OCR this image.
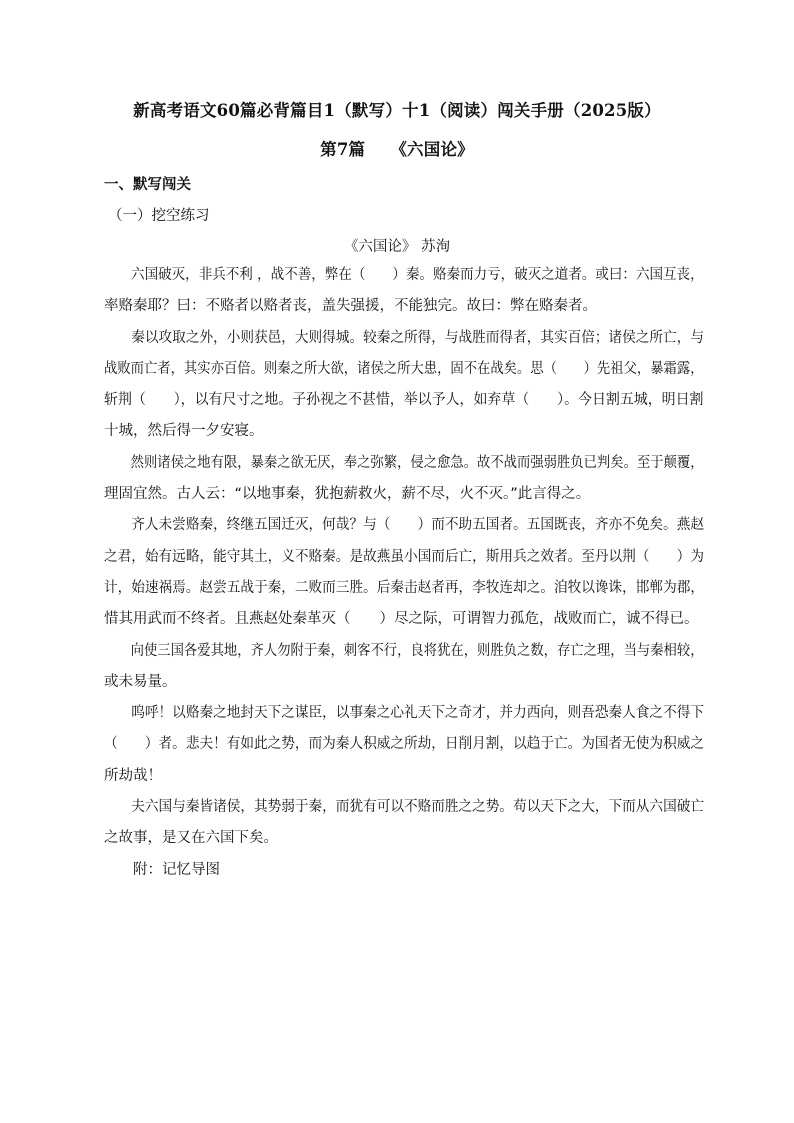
新高考语文60篇必背篇目1（默写）十1（阅读）闯关手册（2025版）
第7篇　　《六国论》
一、默写闯关
（一）挖空练习
《六国论》 苏洵
　　六国破灭，非兵不利 ，战不善，弊在（　　）秦。赂秦而力亏，破灭之道者。或曰：六国互丧，
率赂秦耶？曰：不赂者以赂者丧，盖失强援，不能独完。故曰：弊在赂秦者。
　　秦以攻取之外，小则获邑，大则得城。较秦之所得，与战胜而得者，其实百倍；诸侯之所亡，与
战败而亡者，其实亦百倍。则秦之所大欲，诸侯之所大患，固不在战矣。思（　　）先祖父，暴霜露，
斩荆（　　），以有尺寸之地。子孙视之不甚惜，举以予人，如弃草（　　）。今日割五城，明日割
十城，然后得一夕安寝。
　　然则诸侯之地有限，暴秦之欲无厌，奉之弥繁，侵之愈急。故不战而强弱胜负已判矣。至于颠覆，
理固宜然。古人云：“以地事秦，犹抱薪救火，薪不尽，火不灭。”此言得之。
　　齐人未尝赂秦，终继五国迁灭，何哉？与（　　）而不助五国者。五国既丧，齐亦不免矣。燕赵
之君，始有远略，能守其土，义不赂秦。是故燕虽小国而后亡，斯用兵之效者。至丹以荆（　　）为
计，始速祸焉。赵尝五战于秦，二败而三胜。后秦击赵者再，李牧连却之。洎牧以谗诛，邯郸为郡，
惜其用武而不终者。且燕赵处秦革灭（　　）尽之际，可谓智力孤危，战败而亡，诚不得已。
　　向使三国各爱其地，齐人勿附于秦，刺客不行，良将犹在，则胜负之数，存亡之理，当与秦相较，
或未易量。
　　呜呼！以赂秦之地封天下之谋臣，以事秦之心礼天下之奇才，并力西向，则吾恐秦人食之不得下
（　　）者。悲夫！有如此之势，而为秦人积威之所劫，日削月割，以趋于亡。为国者无使为积威之
所劫哉！
　　夫六国与秦皆诸侯，其势弱于秦，而犹有可以不赂而胜之之势。苟以天下之大，下而从六国破亡
之故事，是又在六国下矣。
　　附：记忆导图
